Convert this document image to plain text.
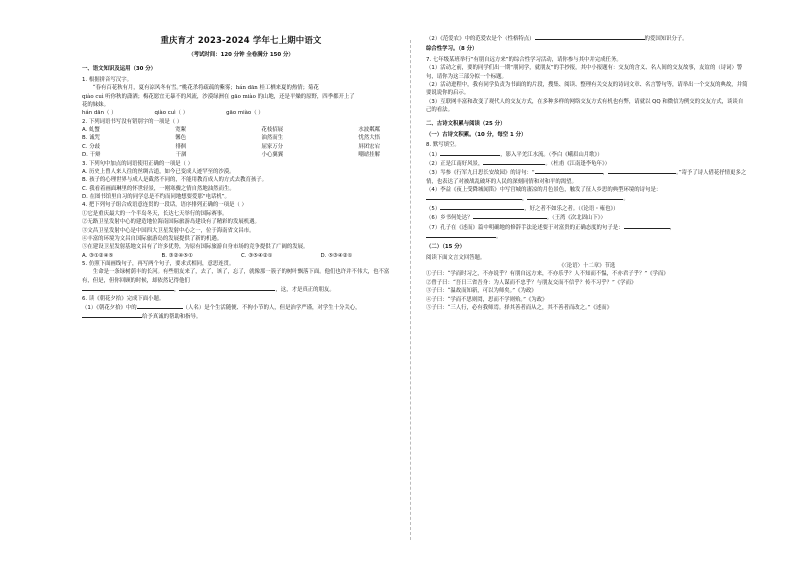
重庆育才 2023-2024 学年七上期中语文
（考试时间：120 分钟 全卷满分 150 分）
一、语文知识及运用（30 分）

1. 根据拼音写汉字。

“春有百花秋有月，夏有凉风冬有雪。”桃花杀将疏疏的紫雾；hán dān 桂工栖来夏的热情；菊花

qiào cuì 听你秋的潇洒；梅花愿宜无暴不的风流，沙漠绿洲在 gāo miào 的山地，还是平燥的原野，四季都开上了

花的妹妹。

hán dān（ ）	qiào cuì（ ）	gāo miào（ ）

2. 下列词语书写没有错别字的一项是（ ）

A. 虬蟹	宽絮	花枝招展	水波粼粼
B. 诚咒	馨色	油然而生	忧然大悟
C. 分歧	徘徊	屈家万分	屏团宏宕
D. 干辩	干涸	小心翼翼	嘲谑挂解

3. 下列句中加点的词语使用正确的一项是（ ）

A. 历史上曾人来人往的丝绸古道，如今已变成人迹罕至的沙漠。

B. 孩子的心理世界与成人是截然不同的，不能用教育成人的方式去教育孩子。

C. 我看着画面琳里的怀世轻景，一刚寒骤之情自然地油然而生。

D. 在图书馆里自习的同学总是不约而同地想要爱那“电话机”。

4. 把下列句子组合成语意连贯的一段话，语序排列正确的一项是（ ）

①它是重庆最大的一个半岛冬天，长达七天举行的国际赛事。

②无路卫星发射中心的建造地位海南国际旅游岛建设有了精彩的发展机遇。

③文昌卫星发射中心是中国四大卫星发射中心之一，位于海南省文昌市。

④丰富的环境为文昌自国际旅游岛的发展提供了新的机遇。

⑤在建设卫星发射基地文昌有了许多优势，为原有国际旅游自身市场的竞争提供了广阔的发展。

A. ③①②④⑤	B. ③②④⑤①	C. ③⑤④②①	D. ⑤③④②①

5. 仿照下面画线句子，再写两个句子，要求式相同，意思连贯。

生命是一条绿树荫丰的长河。有些朋友来了，去了，该了，忘了，就像那一簇子的树叶飘落下面。他们也许并不伟大，也不富有，但是，但你回顾的时候，却依然记得他们

，	，这，才是真正的朋友。

6. 读《朝花夕拾》完成下面小题。

（1）《朝花夕拾》中的	（人名）是个生活随便、不拘小节的人，但是治学严谨，对学生十分关心，

给予真诚的帮助和指导。

（2）《范爱农》中的范爱农是个（性格特点）	的爱国知识分子。

综合性学习。（8 分）

7. 七年级某班举行“有朋自远方来”的综合性学习活动，请你参与其中并完成任务。

（1）活动之前，要的同学们出一期“朋同学，就朋友”的手抄报，其中小报题有：交友的含义、名人间的交友故事，友谊的（诗词）警句，请你为这三部分拟一个标题。

（2）活动进程中，我有同学负责为书面的的片段，搜集、阅读、整理有关交友的诗词文章、名言警句等，请举出一个交友的典故，并简要说说你的启示。

（3）互联网丰富和改变了观代人的交友方式，在多种多样的网络交友方式有机也有弊，请就以 QQ 和微信为例交的交友方式，谈谈自己的看法。

二、古诗文积累与阅读（25 分）
（一）古诗文积累。（10 分，每空 1 分）

8. 默写填空。

（1）	，影入平羌江水流。（李白《峨眉山月歌》）

（2）正是江南好风景，	。（杜甫《江南逢李龟年》）

（3）岑参《行军九日思长安故园》的诗句：“	，	。”寄予了诗人借花抒情更多之情，也表达了对被战乱破坏的人民的深刻同情和对和平的渴望。

（4）李益《夜上受降城闻笛》中写宫城的凄凉的月色景色，触发了征人乡思的典型环境的诗句是：

，	。

（5）	，好之者不如乐之者。（《论语・雍也》）

（6）乡书何处达？	。（王湾《次北固山下》）

（7）孔子在《述而》篇中明确地的修辞手法论述要于对富贵的正确态度的句子是：	，

。

（二）（15 分）

阅读下面文言文回答题。

《〈论语〉十二章》节选

①子曰：“学而时习之，不亦说乎？有朋自远方来，不亦乐乎？人不知而不愠，不亦君子乎？”《学而》

②曾子曰：“吾日三省吾身：为人谋而不忠乎？与朋友交而不信乎？传不习乎？”《学而》

③子曰：“温故而知新，可以为师矣。”《为政》

④子曰：“学而不思则罔，思而不学则殆。”《为政》

⑤子曰：“三人行，必有我师焉。择其善者而从之，其不善者而改之。”《述而》
